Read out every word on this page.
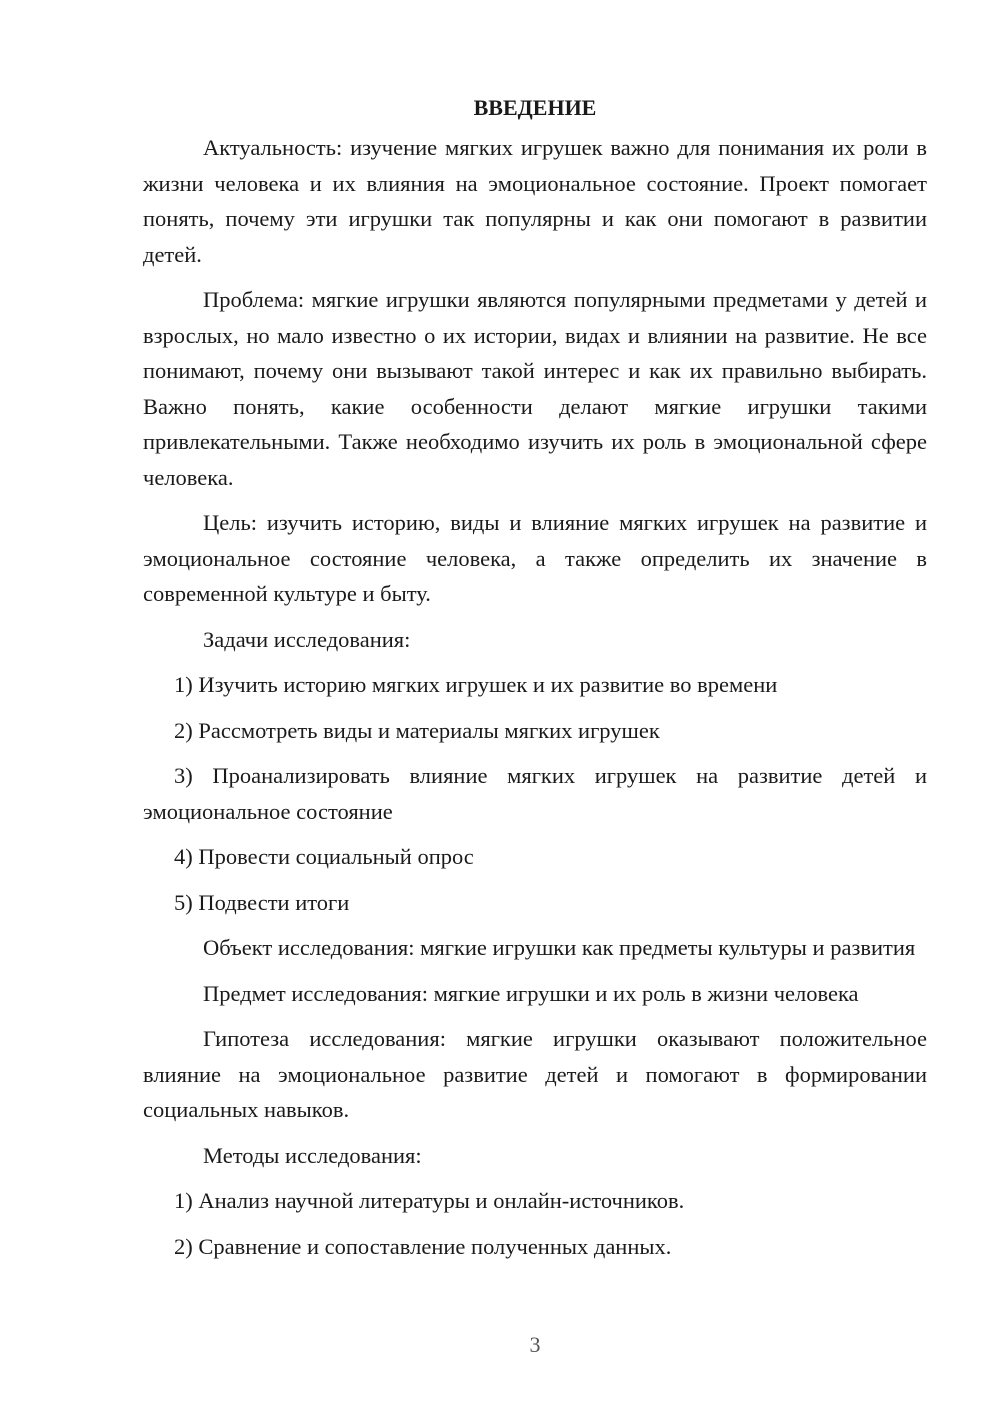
ВВЕДЕНИЕ

Актуальность: изучение мягких игрушек важно для понимания их роли в жизни человека и их влияния на эмоциональное состояние. Проект помогает понять, почему эти игрушки так популярны и как они помогают в развитии детей.

Проблема: мягкие игрушки являются популярными предметами у детей и взрослых, но мало известно о их истории, видах и влиянии на развитие. Не все понимают, почему они вызывают такой интерес и как их правильно выбирать. Важно понять, какие особенности делают мягкие игрушки такими привлекательными. Также необходимо изучить их роль в эмоциональной сфере человека.

Цель: изучить историю, виды и влияние мягких игрушек на развитие и эмоциональное состояние человека, а также определить их значение в современной культуре и быту.

Задачи исследования:

1) Изучить историю мягких игрушек и их развитие во времени

2) Рассмотреть виды и материалы мягких игрушек

3) Проанализировать влияние мягких игрушек на развитие детей и эмоциональное состояние

4) Провести социальный опрос

5) Подвести итоги

Объект исследования: мягкие игрушки как предметы культуры и развития

Предмет исследования: мягкие игрушки и их роль в жизни человека

Гипотеза исследования: мягкие игрушки оказывают положительное влияние на эмоциональное развитие детей и помогают в формировании социальных навыков.

Методы исследования:

1) Анализ научной литературы и онлайн-источников.

2) Сравнение и сопоставление полученных данных.

3
